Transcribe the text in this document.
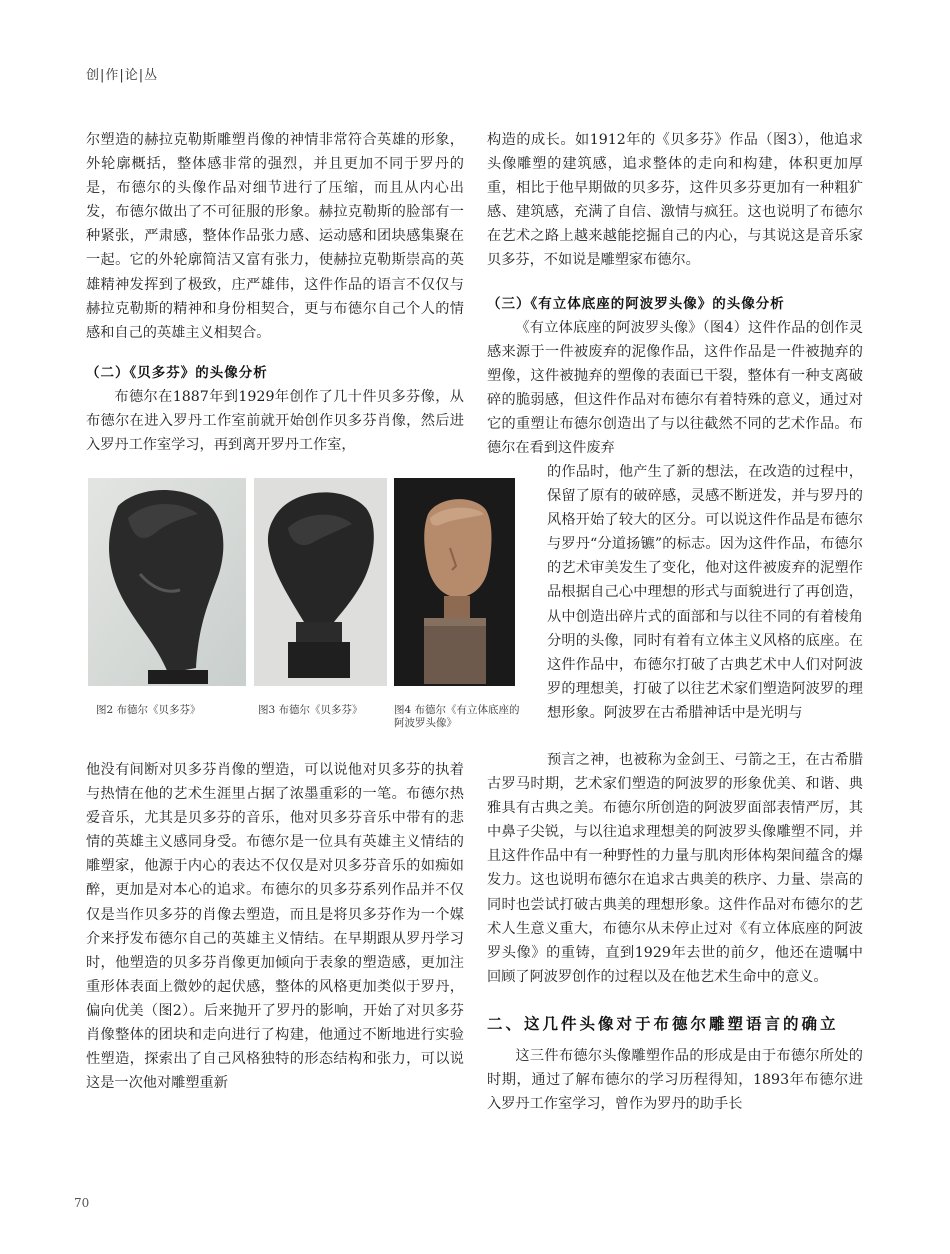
创|作|论|丛

尔塑造的赫拉克勒斯雕塑肖像的神情非常符合英雄的形象，外轮廓概括，整体感非常的强烈，并且更加不同于罗丹的是，布德尔的头像作品对细节进行了压缩，而且从内心出发，布德尔做出了不可征服的形象。赫拉克勒斯的脸部有一种紧张，严肃感，整体作品张力感、运动感和团块感集聚在一起。它的外轮廓简洁又富有张力，使赫拉克勒斯崇高的英雄精神发挥到了极致，庄严雄伟，这件作品的语言不仅仅与赫拉克勒斯的精神和身份相契合，更与布德尔自己个人的情感和自己的英雄主义相契合。

（二）《贝多芬》的头像分析

布德尔在1887年到1929年创作了几十件贝多芬像，从布德尔在进入罗丹工作室前就开始创作贝多芬肖像，然后进入罗丹工作室学习，再到离开罗丹工作室，

图2 布德尔《贝多芬》	图3 布德尔《贝多芬》	图4 布德尔《有立体底座的阿波罗头像》

他没有间断对贝多芬肖像的塑造，可以说他对贝多芬的执着与热情在他的艺术生涯里占据了浓墨重彩的一笔。布德尔热爱音乐，尤其是贝多芬的音乐，他对贝多芬音乐中带有的悲情的英雄主义感同身受。布德尔是一位具有英雄主义情结的雕塑家，他源于内心的表达不仅仅是对贝多芬音乐的如痴如醉，更加是对本心的追求。布德尔的贝多芬系列作品并不仅仅是当作贝多芬的肖像去塑造，而且是将贝多芬作为一个媒介来抒发布德尔自己的英雄主义情结。在早期跟从罗丹学习时，他塑造的贝多芬肖像更加倾向于表象的塑造感，更加注重形体表面上微妙的起伏感，整体的风格更加类似于罗丹，偏向优美（图2）。后来抛开了罗丹的影响，开始了对贝多芬肖像整体的团块和走向进行了构建，他通过不断地进行实验性塑造，探索出了自己风格独特的形态结构和张力，可以说这是一次他对雕塑重新

构造的成长。如1912年的《贝多芬》作品（图3），他追求头像雕塑的建筑感，追求整体的走向和构建，体积更加厚重，相比于他早期做的贝多芬，这件贝多芬更加有一种粗犷感、建筑感，充满了自信、激情与疯狂。这也说明了布德尔在艺术之路上越来越能挖掘自己的内心，与其说这是音乐家贝多芬，不如说是雕塑家布德尔。

（三）《有立体底座的阿波罗头像》的头像分析

《有立体底座的阿波罗头像》（图4）这件作品的创作灵感来源于一件被废弃的泥像作品，这件作品是一件被抛弃的塑像，这件被抛弃的塑像的表面已干裂，整体有一种支离破碎的脆弱感，但这件作品对布德尔有着特殊的意义，通过对它的重塑让布德尔创造出了与以往截然不同的艺术作品。布德尔在看到这件废弃

的作品时，他产生了新的想法，在改造的过程中，保留了原有的破碎感，灵感不断迸发，并与罗丹的风格开始了较大的区分。可以说这件作品是布德尔与罗丹“分道扬镳”的标志。因为这件作品，布德尔的艺术审美发生了变化，他对这件被废弃的泥塑作品根据自己心中理想的形式与面貌进行了再创造，从中创造出碎片式的面部和与以往不同的有着棱角分明的头像，同时有着有立体主义风格的底座。在这件作品中，布德尔打破了古典艺术中人们对阿波罗的理想美，打破了以往艺术家们塑造阿波罗的理想形象。阿波罗在古希腊神话中是光明与

预言之神，也被称为金剑王、弓箭之王，在古希腊古罗马时期，艺术家们塑造的阿波罗的形象优美、和谐、典雅具有古典之美。布德尔所创造的阿波罗面部表情严厉，其中鼻子尖锐，与以往追求理想美的阿波罗头像雕塑不同，并且这件作品中有一种野性的力量与肌肉形体构架间蕴含的爆发力。这也说明布德尔在追求古典美的秩序、力量、崇高的同时也尝试打破古典美的理想形象。这件作品对布德尔的艺术人生意义重大，布德尔从未停止过对《有立体底座的阿波罗头像》的重铸，直到1929年去世的前夕，他还在遗嘱中回顾了阿波罗创作的过程以及在他艺术生命中的意义。

二、这几件头像对于布德尔雕塑语言的确立

这三件布德尔头像雕塑作品的形成是由于布德尔所处的时期，通过了解布德尔的学习历程得知，1893年布德尔进入罗丹工作室学习，曾作为罗丹的助手长

70
